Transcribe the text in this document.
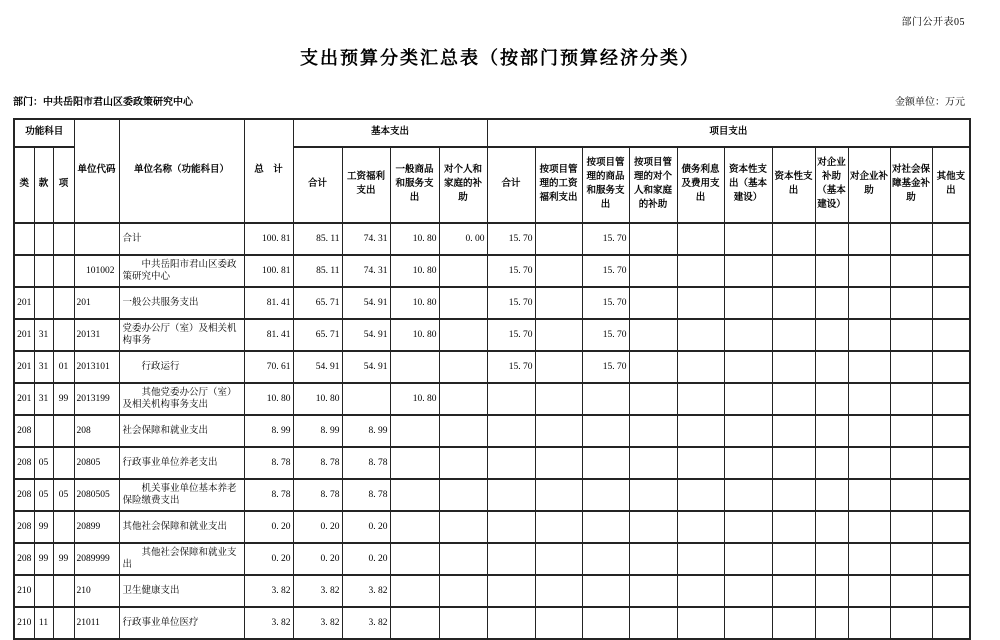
部门公开表05
支出预算分类汇总表（按部门预算经济分类）
部门：中共岳阳市君山区委政策研究中心	金额单位：万元
功能科目			单位代码	单位名称（功能科目）	总　计	基本支出				项目支出										
类	款	项				合计	工资福利支出	一般商品和服务支出	对个人和家庭的补助	合计	按项目管理的工资福利支出	按项目管理的商品和服务支出	按项目管理的对个人和家庭的补助	债务利息及费用支出	资本性支出（基本建设）	资本性支出	对企业补助（基本建设）	对企业补助	对社会保障基金补助	其他支出
				合计	100. 81	85. 11	74. 31	10. 80	0. 00	15. 70		15. 70								
			101002	中共岳阳市君山区委政策研究中心	100. 81	85. 11	74. 31	10. 80		15. 70		15. 70								
201			201	一般公共服务支出	81. 41	65. 71	54. 91	10. 80		15. 70		15. 70								
201	31		20131	党委办公厅（室）及相关机构事务	81. 41	65. 71	54. 91	10. 80		15. 70		15. 70								
201	31	01	2013101	行政运行	70. 61	54. 91	54. 91			15. 70		15. 70								
201	31	99	2013199	其他党委办公厅（室）及相关机构事务支出	10. 80	10. 80		10. 80												
208			208	社会保障和就业支出	8. 99	8. 99	8. 99													
208	05		20805	行政事业单位养老支出	8. 78	8. 78	8. 78													
208	05	05	2080505	机关事业单位基本养老保险缴费支出	8. 78	8. 78	8. 78													
208	99		20899	其他社会保障和就业支出	0. 20	0. 20	0. 20													
208	99	99	2089999	其他社会保障和就业支出	0. 20	0. 20	0. 20													
210			210	卫生健康支出	3. 82	3. 82	3. 82													
210	11		21011	行政事业单位医疗	3. 82	3. 82	3. 82													
